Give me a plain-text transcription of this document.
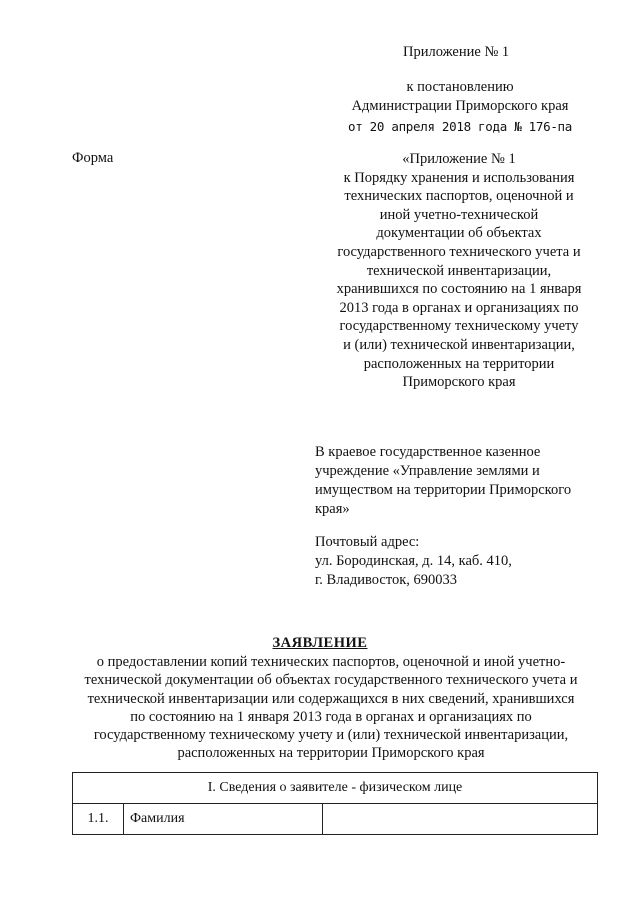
Приложение № 1
к постановлению
Администрации Приморского края
от 20 апреля 2018 года № 176-па
Форма	«Приложение № 1
к Порядку хранения и использования
технических паспортов, оценочной и
иной учетно-технической
документации об объектах
государственного технического учета и
технической инвентаризации,
хранившихся по состоянию на 1 января
2013 года в органах и организациях по
государственному техническому учету
и (или) технической инвентаризации,
расположенных на территории
Приморского края
В краевое государственное казенное
учреждение «Управление землями и
имуществом на территории Приморского
края»
Почтовый адрес:
ул. Бородинская, д. 14, каб. 410,
г. Владивосток, 690033
ЗАЯВЛЕНИЕ
о предоставлении копий технических паспортов, оценочной и иной учетно-
технической документации об объектах государственного технического учета и
технической инвентаризации или содержащихся в них сведений, хранившихся
по состоянию на 1 января 2013 года в органах и организациях по
государственному техническому учету и (или) технической инвентаризации,
расположенных на территории Приморского края
I. Сведения о заявителе - физическом лице
1.1.	Фамилия	
